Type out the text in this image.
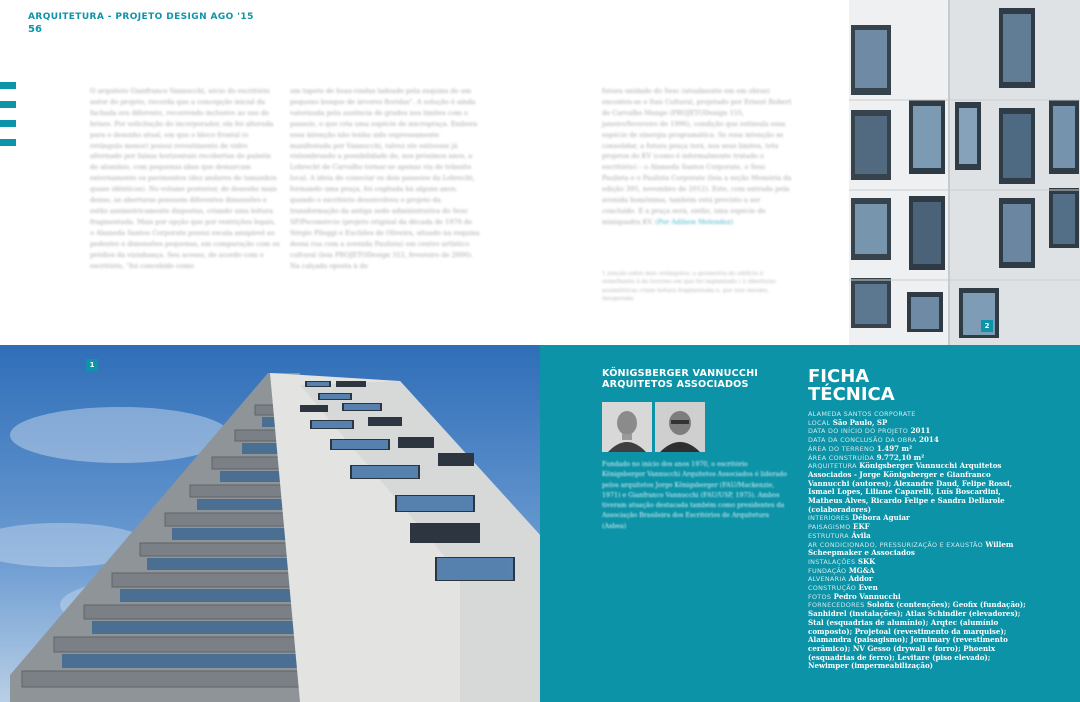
ARQUITETURA - PROJETO DESIGN AGO '15
56

O arquiteto Gianfranco Vannucchi, sócio do escritório autor do projeto, recorda que a concepção inicial da fachada era diferente, recorrendo inclusive ao uso de brises. Por solicitação do incorporador, ela foi alterada para o desenho atual, em que o bloco frontal (o retângulo menor) possui revestimento de vidro alternado por faixas horizontais recobertas de painéis de alumínio, com pequenas abas que demarcam externamente os pavimentos (dez andares de tamanhos quase idênticos). No volume posterior, de desenho mais denso, as aberturas possuem diferentes dimensões e estão assimetricamente dispostas, criando uma leitura fragmentada. Mais por opção que por restrições legais, o Alameda Santos Corporate possui escala amigável ao pedestre e dimensões pequenas, em comparação com os prédios da vizinhança. Seu acesso, de acordo com o escritório, "foi concebido como

um tapete de hoas-vindas ladeado pela esquina de um pequeno bosque de árvores floridas". A solução é ainda valorizada pela ausência de grades nos limites com o passeio, o que cria uma espécie de micropraça. Embora essa intenção não tenha sido expressamente manifestada por Vannucchi, talvez ele estivesse já vislumbrando a possibilidade de, nos próximos anos, a Lebrecht de Carvalho tornar-se apenas via de trânsito local. A ideia de conectar os dois passeios da Lebrecht, formando uma praça, foi cogitada há alguns anos, quando o escritório desenvolveu o projeto da transformação da antiga sede administrativa do Sesc SP/Pecomércio (projeto original da década de 1970 de Sérgio Pileggi e Euclides de Oliveira, situado na esquina dessa rua com a avenida Paulista) em centro artístico cultural (leia PROJETODesign 312, fevereiro de 2006). Na calçada oposta à do

futura unidade do Sesc (atualmente em em obras) encontra-se o Itaú Cultural, projetado por Ernest Robert de Carvalho Mange (PROJETODesign 155, janeiro/fevereiro de 1996), condição que estimula essa espécie de sinergia programática. Se essa intenção se consolidar, a futura praça terá, nos seus limites, três projetos do KV (como é informalmente tratado o escritório) – o Alameda Santos Corporate, o Sesc Paulista e o Paulista Corporate (leia a seção Memória da edição 395, novembro de 2012). Este, com entrada pela avenida homônima, também está previsto a ser concluído. E a praça será, então, uma espécie de miniquadra KV. (Por Adilson Melendez)
1 Junção entre dois retângulos: a geometria do edifício é semelhante à do terreno em que foi implantado / 2 Aberturas assimétricas criam leitura fragmentada e, por isso mesmo, inesperada
2
1
KÖNIGSBERGER VANNUCCHI ARQUITETOS ASSOCIADOS
Fundado no início dos anos 1970, o escritório Königsberger Vannucchi Arquitetos Associados é liderado pelos arquitetos Jorge Königsberger (FAU/Mackenzie, 1971) e Gianfranco Vannucchi (FAU/USP, 1975). Ambos tiveram atuação destacada também como presidentes da Associação Brasileira dos Escritórios de Arquitetura (Asbea)
FICHA
TÉCNICA
ALAMEDA SANTOS CORPORATE
LOCAL São Paulo, SP
DATA DO INÍCIO DO PROJETO 2011
DATA DA CONCLUSÃO DA OBRA 2014
ÁREA DO TERRENO 1.497 m²
ÁREA CONSTRUÍDA 9.772,10 m²
ARQUITETURA Königsberger Vannucchi Arquitetos Associados - Jorge Königsberger e Gianfranco Vannucchi (autores); Alexandre Daud, Felipe Rossi, Ismael Lopes, Liliane Caparelli, Luís Boscardini, Matheus Alves, Ricardo Felipe e Sandra Dellarole (colaboradores)
INTERIORES Débora Aguiar
PAISAGISMO EKF
ESTRUTURA Ávila
AR CONDICIONADO, PRESSURIZAÇÃO E EXAUSTÃO Willem Scheepmaker e Associados
INSTALAÇÕES SKK
FUNDAÇÃO MG&A
ALVENARIA Addor
CONSTRUÇÃO Even
FOTOS Pedro Vannucchi
FORNECEDORES Solofix (contenções); Geofix (fundação); Sanhidrel (instalações); Atlas Schindler (elevadores); Stal (esquadrias de alumínio); Arqtec (alumínio composto); Projetoal (revestimento da marquise); Alamandra (paisagismo); Jornimary (revestimento cerâmico); NV Gesso (drywall e forro); Phoenix (esquadrias de ferro); Levitare (piso elevado); Newimper (impermeabilização)
